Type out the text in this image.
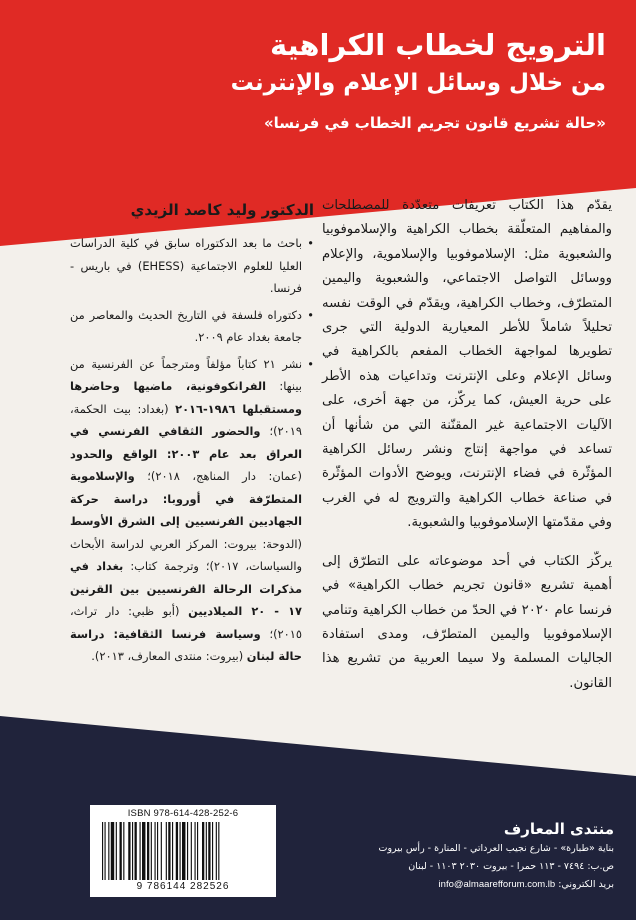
الترويج لخطاب الكراهية
من خلال وسائل الإعلام والإنترنت
«حالة تشريع قانون تجريم الخطاب في فرنسا»

يقدّم هذا الكتاب تعريفات متعدّدة للمصطلحات والمفاهيم المتعلّقة بخطاب الكراهية والإسلاموفوبيا والشعبوية مثل: الإسلاموفوبيا والإسلاموية، والإعلام ووسائل التواصل الاجتماعي، والشعبوية واليمين المتطرّف، وخطاب الكراهية، ويقدّم في الوقت نفسه تحليلاً شاملاً للأطر المعيارية الدولية التي جرى تطويرها لمواجهة الخطاب المفعم بالكراهية في وسائل الإعلام وعلى الإنترنت وتداعيات هذه الأطر على حرية العيش، كما يركّز، من جهة أخرى، على الآليات الاجتماعية غير المقنّنة التي من شأنها أن تساعد في مواجهة إنتاج ونشر رسائل الكراهية المؤثّرة في فضاء الإنترنت، ويوضح الأدوات المؤثّرة في صناعة خطاب الكراهية والترويج له في الغرب وفي مقدّمتها الإسلاموفوبيا والشعبوية.

يركّز الكتاب في أحد موضوعاته على التطرّق إلى أهمية تشريع «قانون تجريم خطاب الكراهية» في فرنسا عام ٢٠٢٠ في الحدّ من خطاب الكراهية وتنامي الإسلاموفوبيا واليمين المتطرّف، ومدى استفادة الجاليات المسلمة ولا سيما العربية من تشريع هذا القانون.

الدكتور وليد كاصد الزيدي
• باحث ما بعد الدكتوراه سابق في كلية الدراسات العليا للعلوم الاجتماعية (EHESS) في باريس - فرنسا.
• دكتوراه فلسفة في التاريخ الحديث والمعاصر من جامعة بغداد عام ٢٠٠٩.
• نشر ٢١ كتاباً مؤلفاً ومترجماً عن الفرنسية من بينها: الفرانكوفونية، ماضيها وحاضرها ومستقبلها ١٩٨٦-٢٠١٦ (بغداد: بيت الحكمة، ٢٠١٩)؛ والحضور الثقافي الفرنسي في العراق بعد عام ٢٠٠٣: الواقع والحدود (عمان: دار المناهج، ٢٠١٨)؛ والإسلاموية المتطرّفة في أوروبا: دراسة حركة الجهاديين الفرنسيين إلى الشرق الأوسط (الدوحة: بيروت: المركز العربي لدراسة الأبحاث والسياسات، ٢٠١٧)؛ وترجمة كتاب: بغداد في مذكرات الرحالة الفرنسيين بين القرنين ١٧ - ٢٠ الميلاديين (أبو ظبي: دار تراث، ٢٠١٥)؛ وسياسة فرنسا الثقافية: دراسة حالة لبنان (بيروت: منتدى المعارف، ٢٠١٣).
ISBN 978-614-428-252-6
9 786144 282526
منتدى المعارف
بناية «طبارة» - شارع نجيب العرداتي - المنارة - رأس بيروت
ص.ب: ٧٤٩٤ - ١١٣ حمرا - بيروت ٢٠٣٠ ١١٠٣ - لبنان
بريد الكتروني: info@almaarefforum.com.lb
